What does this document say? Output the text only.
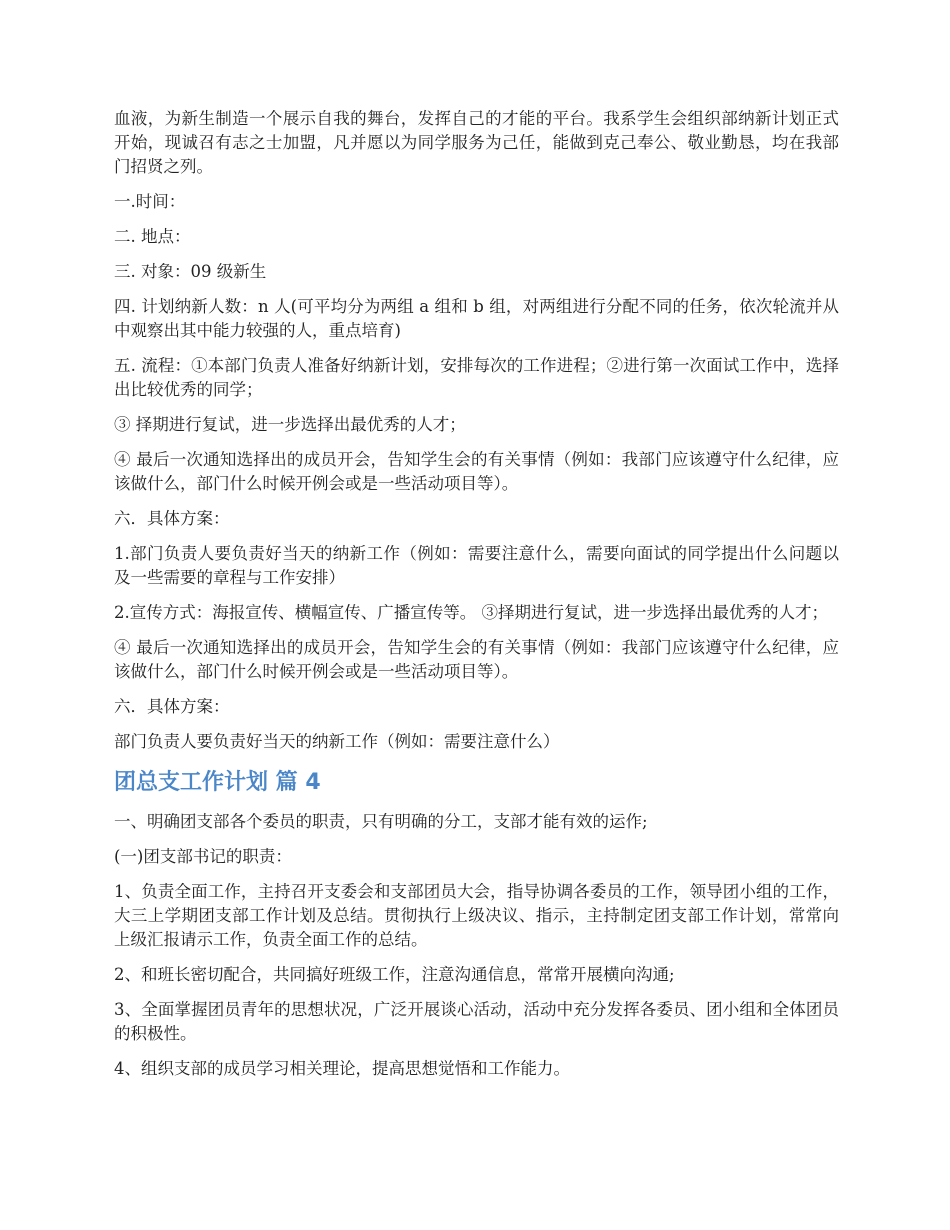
血液，为新生制造一个展示自我的舞台，发挥自己的才能的平台。我系学生会组织部纳新计划正式开始，现诚召有志之士加盟，凡并愿以为同学服务为己任，能做到克己奉公、敬业勤恳，均在我部门招贤之列。

一.时间：

二. 地点：

三. 对象：09 级新生

四. 计划纳新人数：n 人(可平均分为两组 a 组和 b 组，对两组进行分配不同的任务，依次轮流并从中观察出其中能力较强的人，重点培育)

五. 流程：①本部门负责人准备好纳新计划，安排每次的工作进程；②进行第一次面试工作中，选择出比较优秀的同学；

③ 择期进行复试，进一步选择出最优秀的人才；

④ 最后一次通知选择出的成员开会，告知学生会的有关事情（例如：我部门应该遵守什么纪律，应该做什么，部门什么时候开例会或是一些活动项目等）。

六．具体方案：

1.部门负责人要负责好当天的纳新工作（例如：需要注意什么，需要向面试的同学提出什么问题以及一些需要的章程与工作安排）

2.宣传方式：海报宣传、横幅宣传、广播宣传等。 ③择期进行复试，进一步选择出最优秀的人才；

④ 最后一次通知选择出的成员开会，告知学生会的有关事情（例如：我部门应该遵守什么纪律，应该做什么，部门什么时候开例会或是一些活动项目等）。

六．具体方案：

部门负责人要负责好当天的纳新工作（例如：需要注意什么）

团总支工作计划 篇 4

一、明确团支部各个委员的职责，只有明确的分工，支部才能有效的运作;

(一)团支部书记的职责：

1、负责全面工作，主持召开支委会和支部团员大会，指导协调各委员的工作，领导团小组的工作，大三上学期团支部工作计划及总结。贯彻执行上级决议、指示，主持制定团支部工作计划，常常向上级汇报请示工作，负责全面工作的总结。

2、和班长密切配合，共同搞好班级工作，注意沟通信息，常常开展横向沟通;

3、全面掌握团员青年的思想状况，广泛开展谈心活动，活动中充分发挥各委员、团小组和全体团员的积极性。

4、组织支部的成员学习相关理论，提高思想觉悟和工作能力。
